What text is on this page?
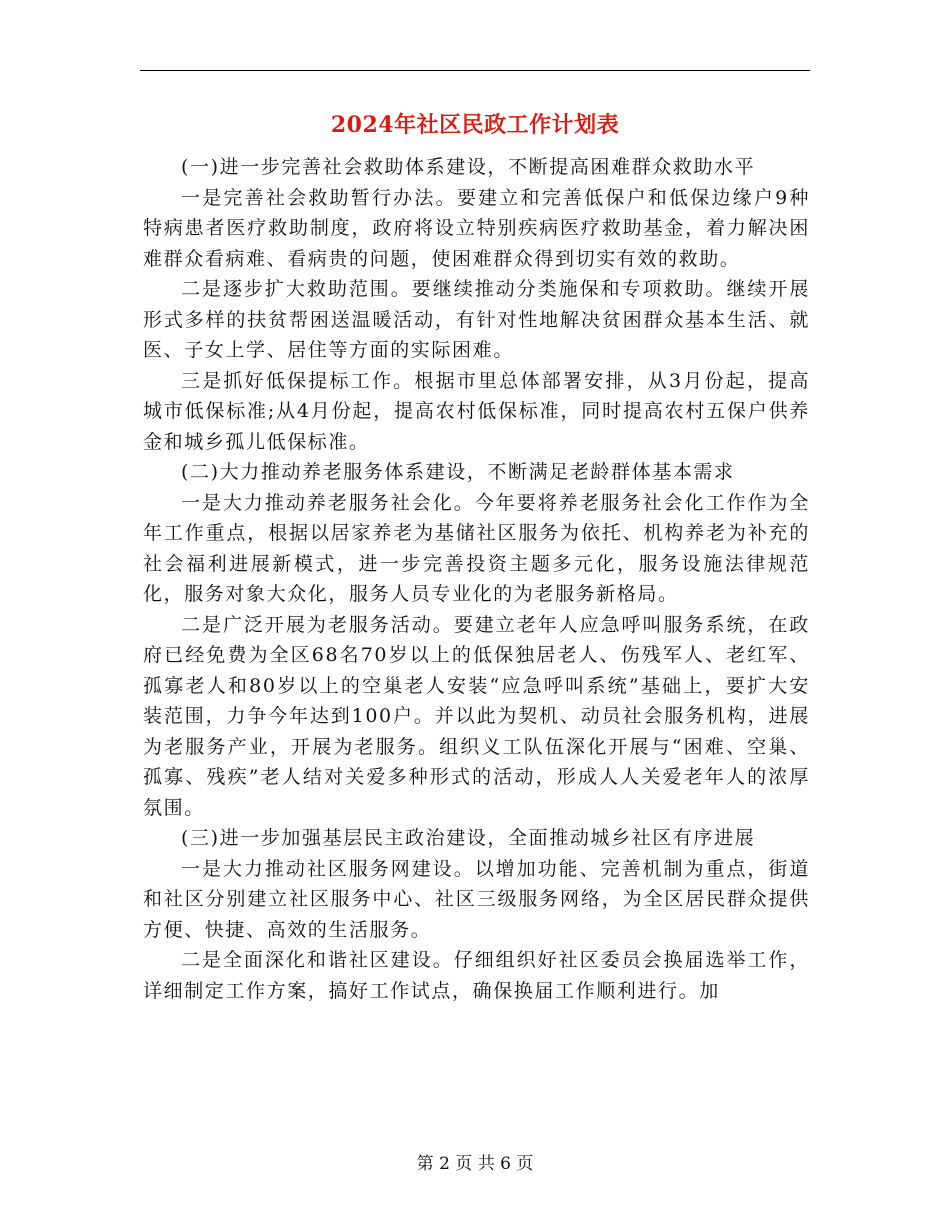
2024年社区民政工作计划表

(一)进一步完善社会救助体系建设，不断提高困难群众救助水平

一是完善社会救助暂行办法。要建立和完善低保户和低保边缘户9种特病患者医疗救助制度，政府将设立特别疾病医疗救助基金，着力解决困难群众看病难、看病贵的问题，使困难群众得到切实有效的救助。

二是逐步扩大救助范围。要继续推动分类施保和专项救助。继续开展形式多样的扶贫帮困送温暖活动，有针对性地解决贫困群众基本生活、就医、子女上学、居住等方面的实际困难。

三是抓好低保提标工作。根据市里总体部署安排，从3月份起，提高城市低保标准;从4月份起，提高农村低保标准，同时提高农村五保户供养金和城乡孤儿低保标准。

(二)大力推动养老服务体系建设，不断满足老龄群体基本需求

一是大力推动养老服务社会化。今年要将养老服务社会化工作作为全年工作重点，根据以居家养老为基储社区服务为依托、机构养老为补充的社会福利进展新模式，进一步完善投资主题多元化，服务设施法律规范化，服务对象大众化，服务人员专业化的为老服务新格局。

二是广泛开展为老服务活动。要建立老年人应急呼叫服务系统，在政府已经免费为全区68名70岁以上的低保独居老人、伤残军人、老红军、孤寡老人和80岁以上的空巢老人安装“应急呼叫系统”基础上，要扩大安装范围，力争今年达到100户。并以此为契机、动员社会服务机构，进展为老服务产业，开展为老服务。组织义工队伍深化开展与“困难、空巢、孤寡、残疾”老人结对关爱多种形式的活动，形成人人关爱老年人的浓厚氛围。

(三)进一步加强基层民主政治建设，全面推动城乡社区有序进展

一是大力推动社区服务网建设。以增加功能、完善机制为重点，街道和社区分别建立社区服务中心、社区三级服务网络，为全区居民群众提供方便、快捷、高效的生活服务。

二是全面深化和谐社区建设。仔细组织好社区委员会换届选举工作，详细制定工作方案，搞好工作试点，确保换届工作顺利进行。加

第 2 页 共 6 页
